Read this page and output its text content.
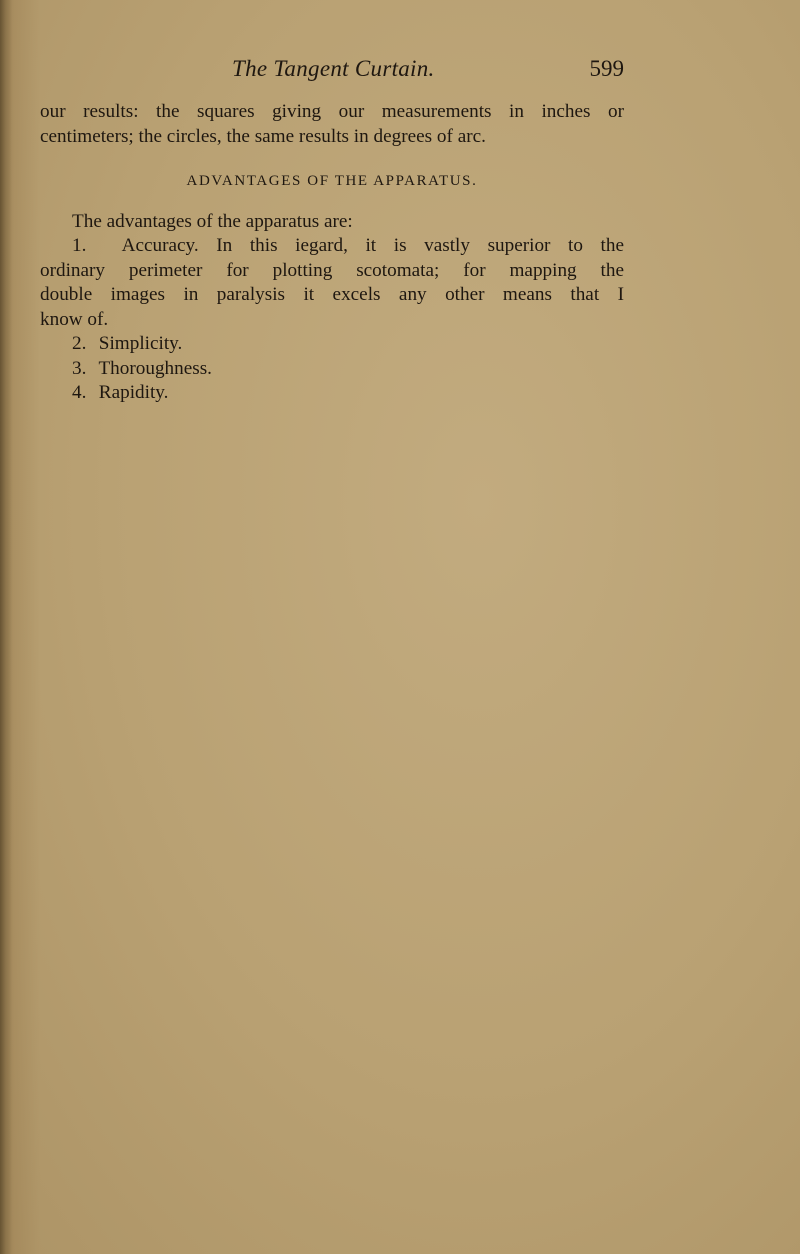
The Tangent Curtain.	599

our results: the squares giving our measurements in inches or
centimeters; the circles, the same results in degrees of arc.

ADVANTAGES OF THE APPARATUS.

The advantages of the apparatus are:

1. Accuracy. In this iegard, it is vastly superior to the
ordinary perimeter for plotting scotomata; for mapping the
double images in paralysis it excels any other means that I
know of.

2. Simplicity.

3. Thoroughness.

4. Rapidity.
